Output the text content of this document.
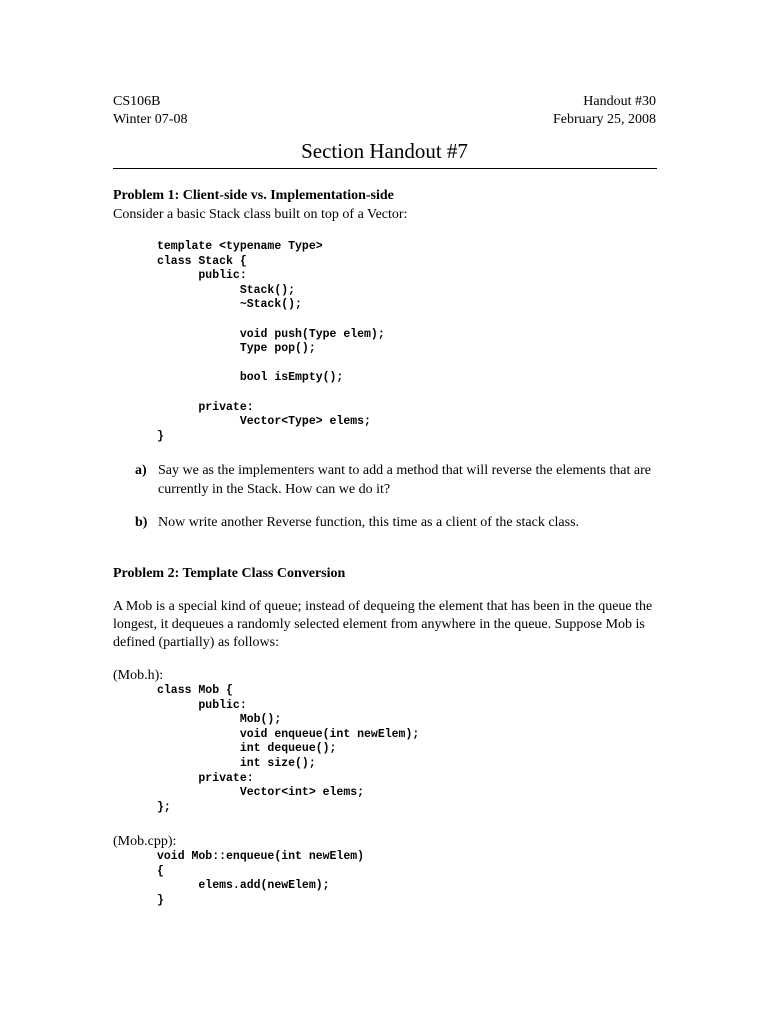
CS106B	Handout #30
Winter 07-08	February 25, 2008
Section Handout #7
Problem 1: Client-side vs. Implementation-side
Consider a basic Stack class built on top of a Vector:
template <typename Type>
class Stack {
public:
Stack();
~Stack();

void push(Type elem);
Type pop();

bool isEmpty();

private:
Vector<Type> elems;
}
a) Say we as the implementers want to add a method that will reverse the elements that are currently in the Stack. How can we do it?
b) Now write another Reverse function, this time as a client of the stack class.
Problem 2: Template Class Conversion
A Mob is a special kind of queue; instead of dequeing the element that has been in the queue the longest, it dequeues a randomly selected element from anywhere in the queue. Suppose Mob is defined (partially) as follows:
(Mob.h):
class Mob {
public:
Mob();
void enqueue(int newElem);
int dequeue();
int size();
private:
Vector<int> elems;
};
(Mob.cpp):
void Mob::enqueue(int newElem)
{
elems.add(newElem);
}
